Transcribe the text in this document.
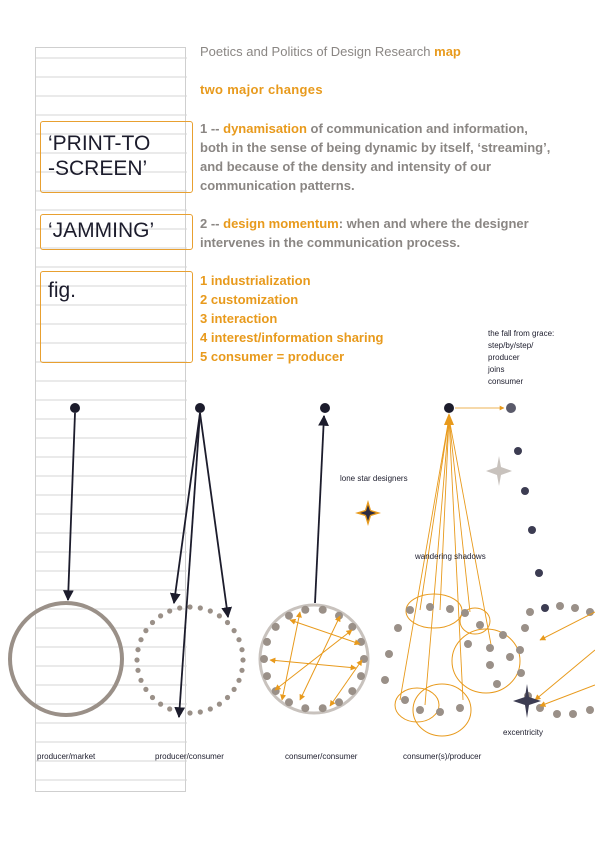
Poetics and Politics of Design Research map
two major changes
‘PRINT-TO
-SCREEN’
‘JAMMING’
fig.
1 -- dynamisation of communication and information, both in the sense of being dynamic by itself, ‘streaming’, and because of the density and intensity of our communication patterns.
2 -- design momentum: when and where the designer intervenes in the communication process.
1 industrialization
2 customization
3 interaction
4 interest/information sharing
5 consumer = producer
the fall from grace:
step/by/step/
producer
joins
consumer
lone star designers
wandering shadows
excentricity
producer/market	producer/consumer	consumer/consumer	consumer(s)/producer
